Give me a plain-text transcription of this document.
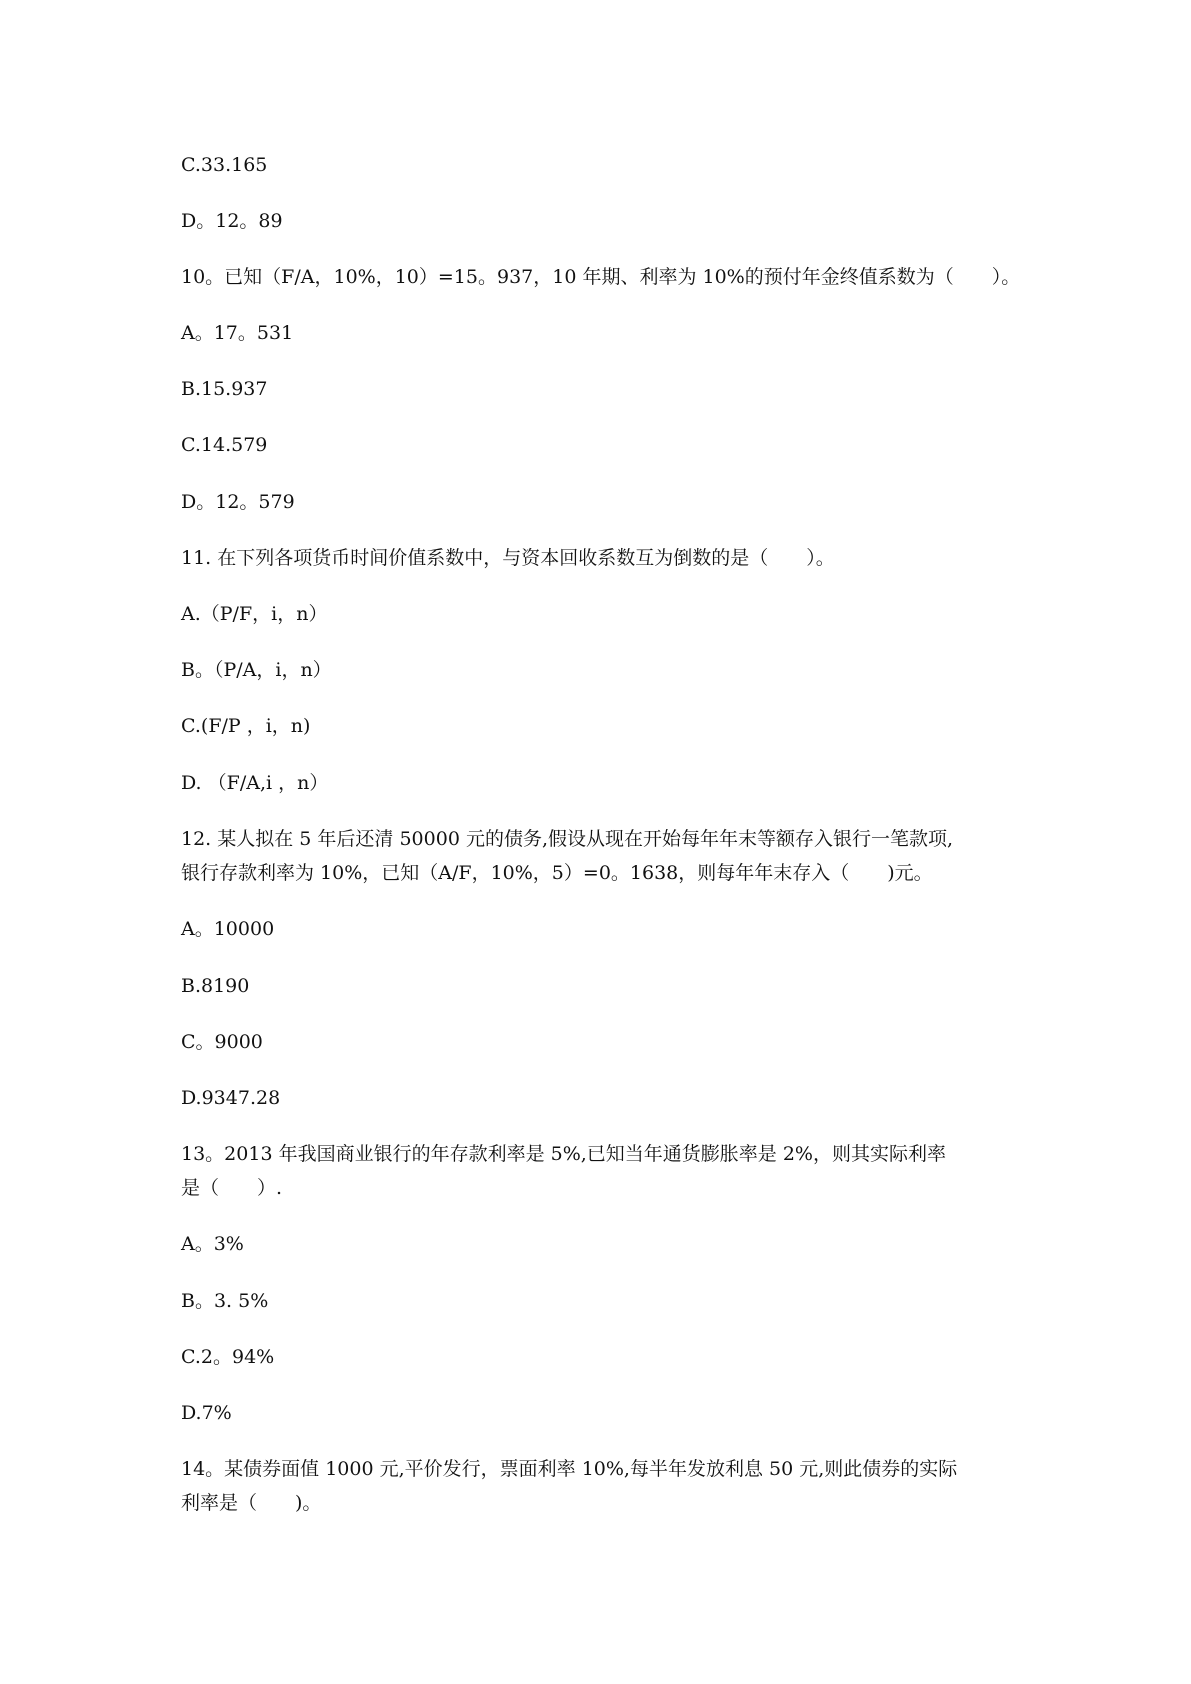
C.33.165

D。12。89

10。已知（F/A，10%，10）=15。937，10 年期、利率为 10%的预付年金终值系数为（　　）。

A。17。531

B.15.937

C.14.579

D。12。579

11. 在下列各项货币时间价值系数中，与资本回收系数互为倒数的是（　　）。

A.（P/F，i，n）

B。（P/A，i，n）

C.(F/P ，i，n)

D. （F/A,i ，n）

12. 某人拟在 5 年后还清 50000 元的债务,假设从现在开始每年年末等额存入银行一笔款项,

银行存款利率为 10%，已知（A/F，10%，5）=0。1638，则每年年末存入（　　)元。

A。10000

B.8190

C。9000

D.9347.28

13。2013 年我国商业银行的年存款利率是 5%,已知当年通货膨胀率是 2%，则其实际利率

是（　　）.

A。3%

B。3. 5%

C.2。94%

D.7%

14。某债券面值 1000 元,平价发行，票面利率 10%,每半年发放利息 50 元,则此债券的实际

利率是（　　)。
